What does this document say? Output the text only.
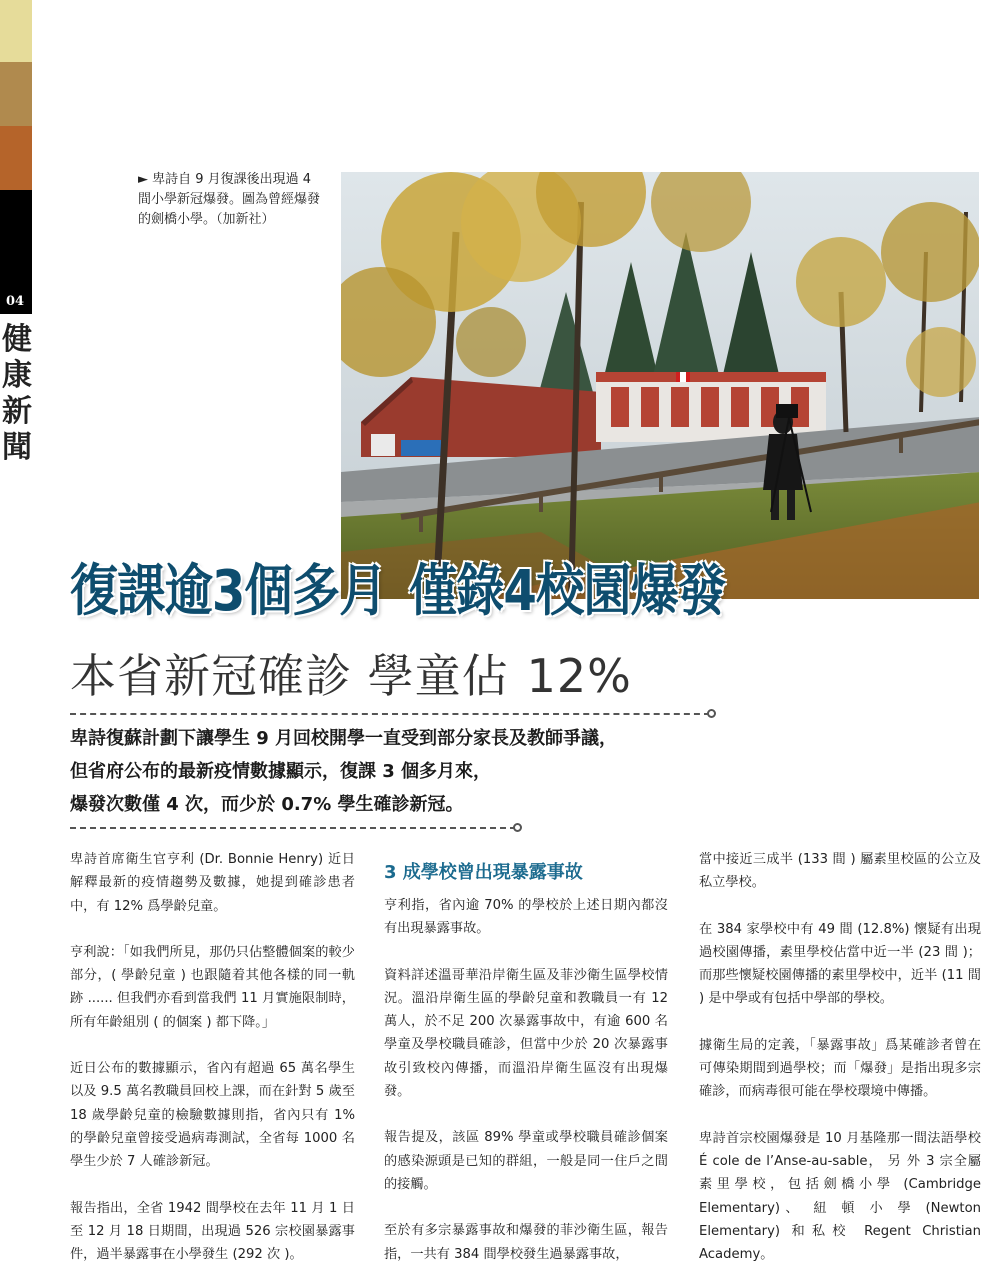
04
健
康
新
聞
► 卑詩自 9 月復課後出現過 4 間小學新冠爆發。圖為曾經爆發的劍橋小學。（加新社）
復課逾3個多月 僅錄4校園爆發
本省新冠確診 學童佔 12%

卑詩復蘇計劃下讓學生 9 月回校開學一直受到部分家長及教師爭議，

但省府公布的最新疫情數據顯示，復課 3 個多月來，

爆發次數僅 4 次，而少於 0.7% 學生確診新冠。

卑詩首席衛生官亨利 (Dr. Bonnie Henry) 近日解釋最新的疫情趨勢及數據，她提到確診患者中，有 12% 爲學齡兒童。

亨利說：「如我們所見，那仍只佔整體個案的較少部分，( 學齡兒童 ) 也跟隨着其他各樣的同一軌跡 ...... 但我們亦看到當我們 11 月實施限制時，所有年齡組別 ( 的個案 ) 都下降。」

近日公布的數據顯示，省內有超過 65 萬名學生以及 9.5 萬名教職員回校上課，而在針對 5 歲至 18 歲學齡兒童的檢驗數據則指，省內只有 1% 的學齡兒童曾接受過病毒測試，全省每 1000 名學生少於 7 人確診新冠。

報告指出，全省 1942 間學校在去年 11 月 1 日至 12 月 18 日期間，出現過 526 宗校園暴露事件，過半暴露事在小學發生 (292 次 )。

3 成學校曾出現暴露事故

亨利指，省內逾 70% 的學校於上述日期內都沒有出現暴露事故。

資料詳述溫哥華沿岸衛生區及菲沙衛生區學校情況。溫沿岸衛生區的學齡兒童和教職員一有 12 萬人，於不足 200 次暴露事故中，有逾 600 名學童及學校職員確診，但當中少於 20 次暴露事故引致校內傳播，而溫沿岸衛生區沒有出現爆發。

報告提及，該區 89% 學童或學校職員確診個案的感染源頭是已知的群組，一般是同一住戶之間的接觸。

至於有多宗暴露事故和爆發的菲沙衛生區，報告指，一共有 384 間學校發生過暴露事故，

當中接近三成半 (133 間 ) 屬素里校區的公立及私立學校。

在 384 家學校中有 49 間 (12.8%) 懷疑有出現過校園傳播，素里學校佔當中近一半 (23 間 )；而那些懷疑校園傳播的素里學校中，近半 (11 間 ) 是中學或有包括中學部的學校。

據衛生局的定義，「暴露事故」爲某確診者曾在可傳染期間到過學校；而「爆發」是指出現多宗確診，而病毒很可能在學校環境中傳播。

卑詩首宗校園爆發是 10 月基隆那一間法語學校 É cole de l’Anse-au-sable， 另 外 3 宗全屬素里學校，包括劍橋小學 (Cambridge Elementary)、 紐 頓 小 學 (Newton Elementary) 和私校 Regent Christian Academy。
